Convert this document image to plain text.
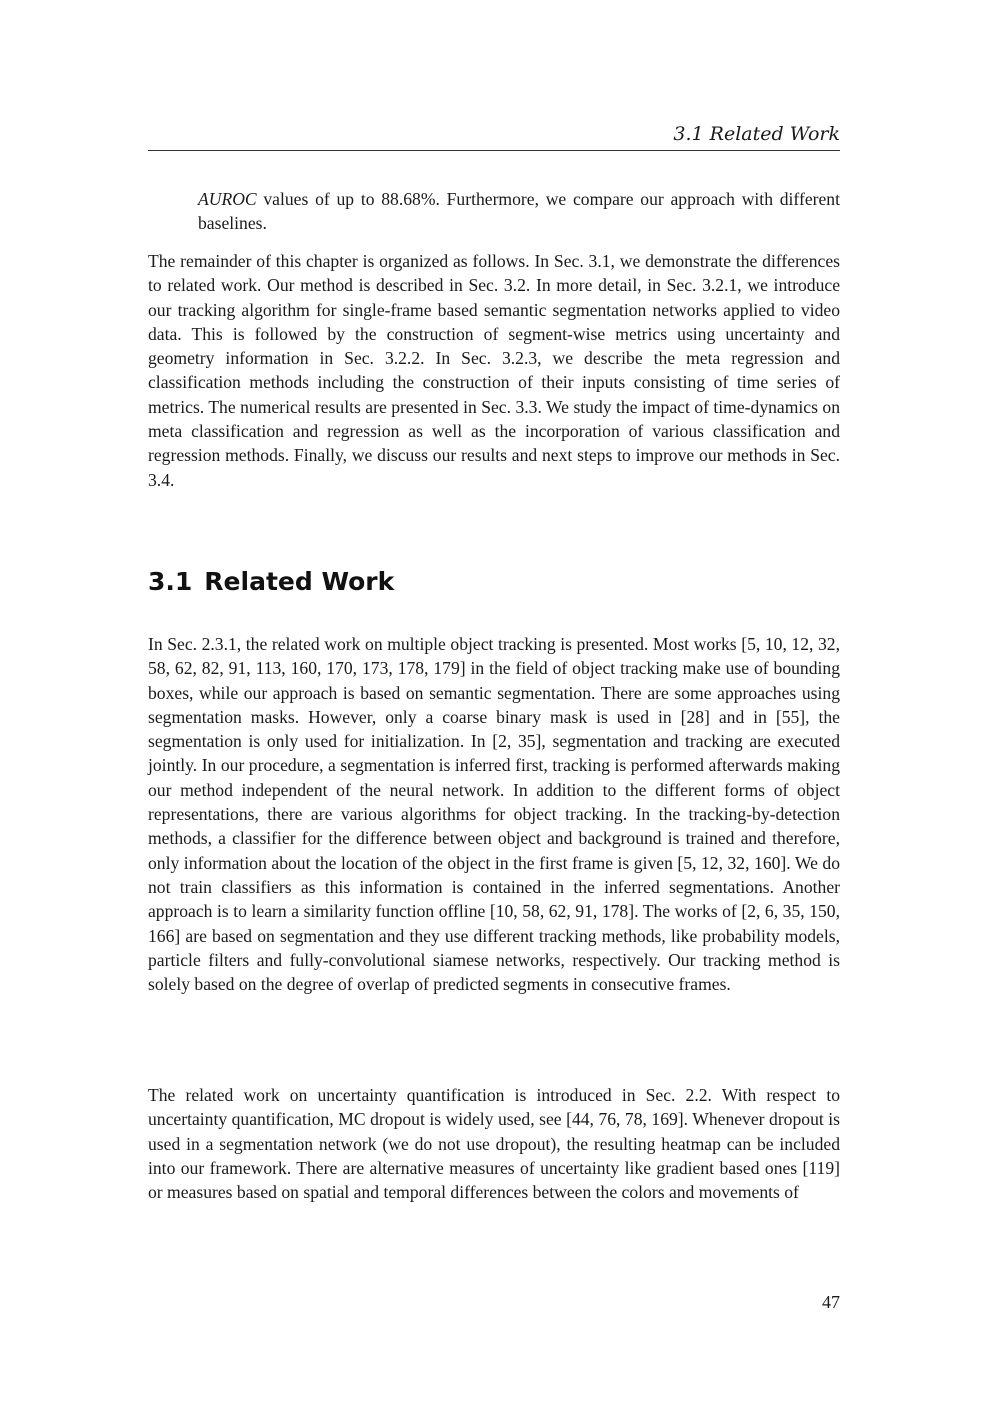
3.1 Related Work

AUROC values of up to 88.68%. Furthermore, we compare our approach with different baselines.

The remainder of this chapter is organized as follows. In Sec. 3.1, we demonstrate the differences to related work. Our method is described in Sec. 3.2. In more detail, in Sec. 3.2.1, we introduce our tracking algorithm for single-frame based semantic segmentation networks applied to video data. This is followed by the construction of segment-wise metrics using uncertainty and geometry information in Sec. 3.2.2. In Sec. 3.2.3, we describe the meta regression and classification methods including the construction of their inputs consisting of time series of metrics. The numerical results are presented in Sec. 3.3. We study the impact of time-dynamics on meta classification and regression as well as the incorporation of various classification and regression methods. Finally, we discuss our results and next steps to improve our methods in Sec. 3.4.

3.1 Related Work

In Sec. 2.3.1, the related work on multiple object tracking is presented. Most works [5, 10, 12, 32, 58, 62, 82, 91, 113, 160, 170, 173, 178, 179] in the field of object tracking make use of bounding boxes, while our approach is based on semantic segmentation. There are some approaches using segmentation masks. However, only a coarse binary mask is used in [28] and in [55], the segmentation is only used for initialization. In [2, 35], segmentation and tracking are executed jointly. In our procedure, a segmentation is inferred first, tracking is performed afterwards making our method independent of the neural network. In addition to the different forms of object representations, there are various algorithms for object tracking. In the tracking-by-detection methods, a classifier for the difference between object and background is trained and therefore, only information about the location of the object in the first frame is given [5, 12, 32, 160]. We do not train classifiers as this information is contained in the inferred segmentations. Another approach is to learn a similarity function offline [10, 58, 62, 91, 178]. The works of [2, 6, 35, 150, 166] are based on segmentation and they use different tracking methods, like probability models, particle filters and fully-convolutional siamese networks, respectively. Our tracking method is solely based on the degree of overlap of predicted segments in consecutive frames.

The related work on uncertainty quantification is introduced in Sec. 2.2. With respect to uncertainty quantification, MC dropout is widely used, see [44, 76, 78, 169]. Whenever dropout is used in a segmentation network (we do not use dropout), the resulting heatmap can be included into our framework. There are alternative measures of uncertainty like gradient based ones [119] or measures based on spatial and temporal differences between the colors and movements of

47
